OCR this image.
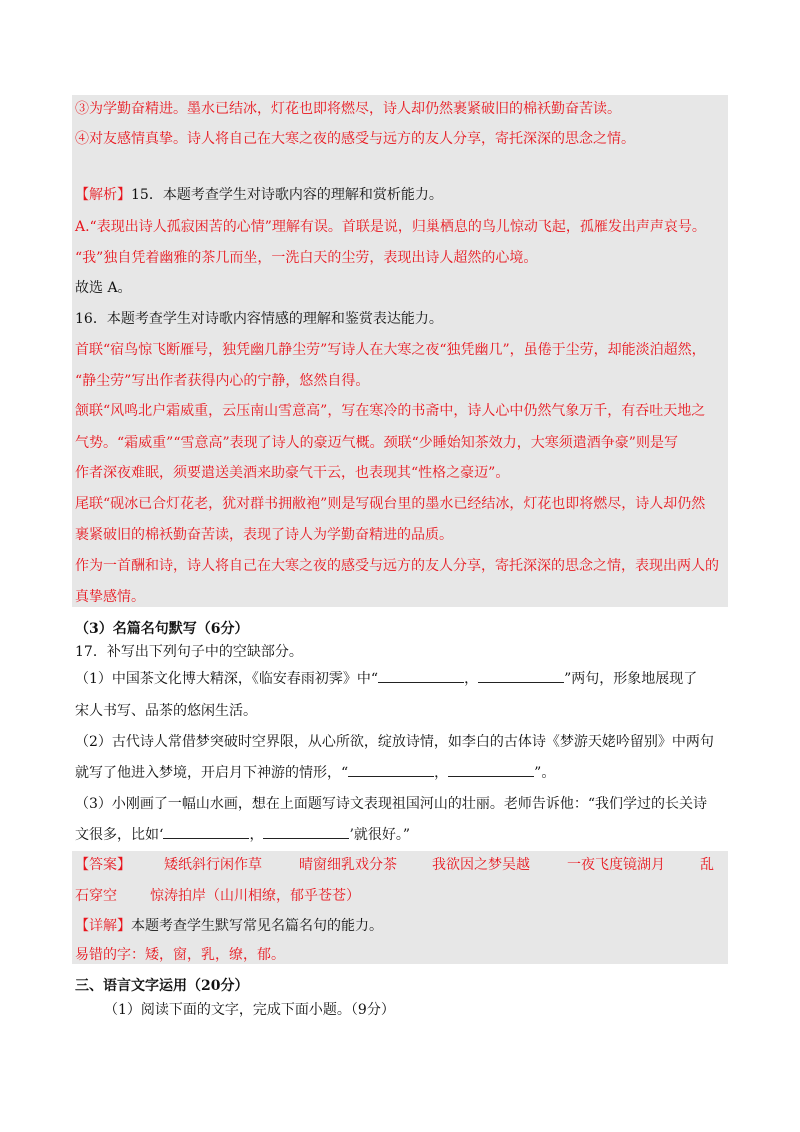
③为学勤奋精进。墨水已结冰，灯花也即将燃尽，诗人却仍然裹紧破旧的棉袄勤奋苦读。
④对友感情真挚。诗人将自己在大寒之夜的感受与远方的友人分享，寄托深深的思念之情。
【解析】15．本题考查学生对诗歌内容的理解和赏析能力。
A.“表现出诗人孤寂困苦的心情”理解有误。首联是说，归巢栖息的鸟儿惊动飞起，孤雁发出声声哀号。
“我”独自凭着幽雅的茶几而坐，一洗白天的尘劳，表现出诗人超然的心境。
故选 A。
16．本题考查学生对诗歌内容情感的理解和鉴赏表达能力。
首联“宿鸟惊飞断雁号，独凭幽几静尘劳”写诗人在大寒之夜“独凭幽几”，虽倦于尘劳，却能淡泊超然，
“静尘劳”写出作者获得内心的宁静，悠然自得。
颔联“风鸣北户霜威重，云压南山雪意高”，写在寒冷的书斋中，诗人心中仍然气象万千，有吞吐天地之
气势。“霜威重”“雪意高”表现了诗人的豪迈气概。颈联“少睡始知茶效力，大寒须遣酒争豪”则是写
作者深夜难眠，须要遣送美酒来助豪气干云，也表现其“性格之豪迈”。
尾联“砚冰已合灯花老，犹对群书拥敝袍”则是写砚台里的墨水已经结冰，灯花也即将燃尽，诗人却仍然
裹紧破旧的棉袄勤奋苦读，表现了诗人为学勤奋精进的品质。
作为一首酬和诗，诗人将自己在大寒之夜的感受与远方的友人分享，寄托深深的思念之情，表现出两人的
真挚感情。
（3）名篇名句默写（6分）
17．补写出下列句子中的空缺部分。
（1）中国茶文化博大精深，《临安春雨初霁》中“	，	”两句，形象地展现了
宋人书写、品茶的悠闲生活。
（2）古代诗人常借梦突破时空界限，从心所欲，绽放诗情，如李白的古体诗《梦游天姥吟留别》中两句
就写了他进入梦境，开启月下神游的情形，“	，	”。
（3）小刚画了一幅山水画，想在上面题写诗文表现祖国河山的壮丽。老师告诉他：“我们学过的长关诗
文很多，比如‘	，	’就很好。”
【答案】 矮纸斜行闲作草	晴窗细乳戏分茶	我欲因之梦吴越	一夜飞度镜湖月	乱
石穿空 惊涛拍岸（山川相缭，郁乎苍苍）
【详解】本题考查学生默写常见名篇名句的能力。
易错的字：矮，窗，乳，缭，郁。
三、语言文字运用（20分）
（1）阅读下面的文字，完成下面小题。（9分）
